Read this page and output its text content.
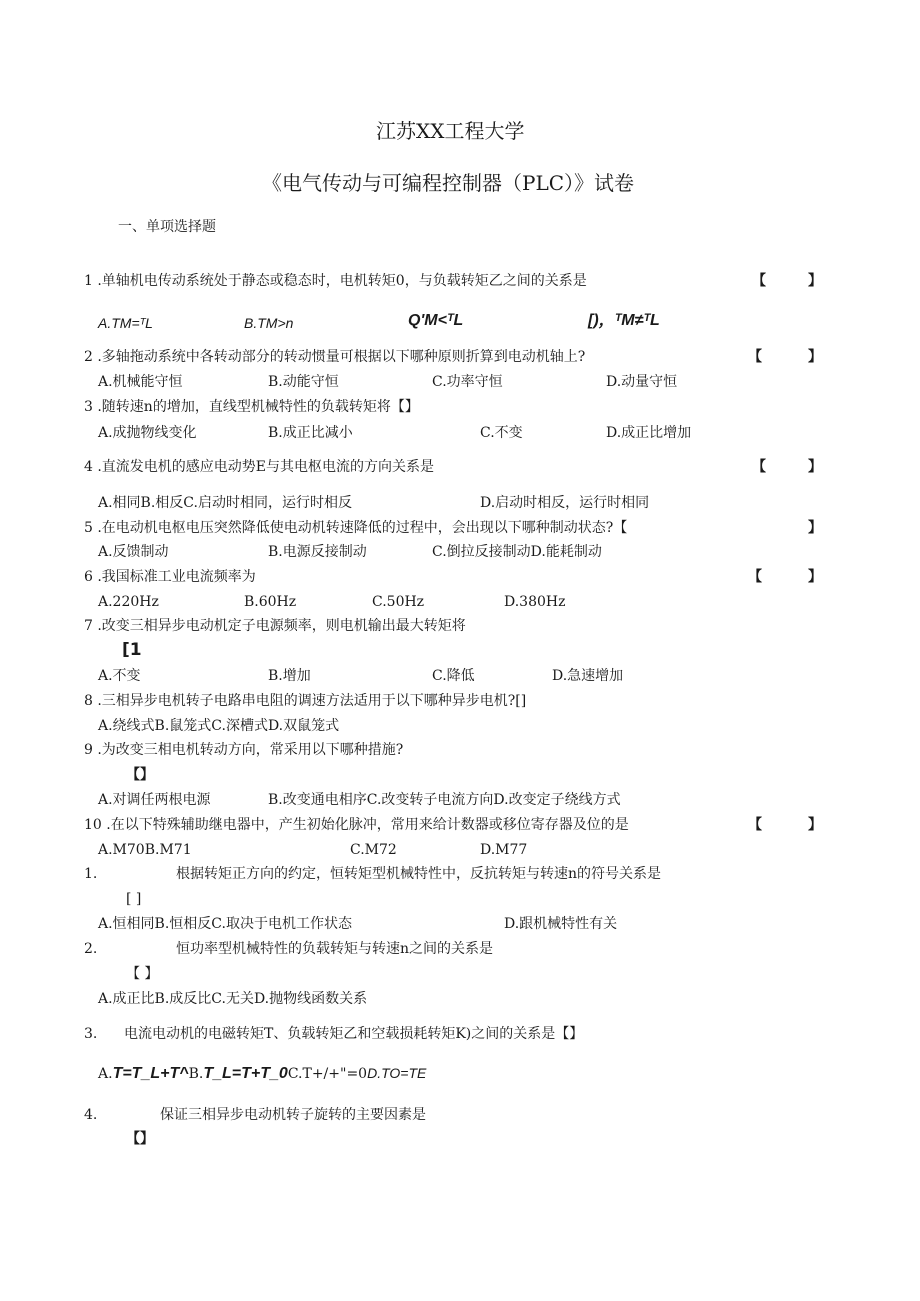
江苏XX工程大学
《电气传动与可编程控制器（PLC）》试卷
一、单项选择题
1 .单轴机电传动系统处于静态或稳态时，电机转矩0，与负载转矩乙之间的关系是	【	】
A.TM=ᵀL	B.TM>n	Q'M<ᵀL	[)，ᵀM≠ᵀL
2 .多轴拖动系统中各转动部分的转动惯量可根据以下哪种原则折算到电动机轴上?	【	】
A.机械能守恒	B.动能守恒	C.功率守恒	D.动量守恒
3 .随转速n的增加，直线型机械特性的负载转矩将【】
A.成抛物线变化	B.成正比减小	C.不变	D.成正比增加
4 .直流发电机的感应电动势E与其电枢电流的方向关系是	【	】
A.相同B.相反C.启动时相同，运行时相反	D.启动时相反，运行时相同
5 .在电动机电枢电压突然降低使电动机转速降低的过程中，会出现以下哪种制动状态?【	】
A.反馈制动	B.电源反接制动	C.倒拉反接制动D.能耗制动
6 .我国标准工业电流频率为	【	】
A.220Hz	B.60Hz	C.50Hz	D.380Hz
7 .改变三相异步电动机定子电源频率，则电机输出最大转矩将
[1
A.不变	B.增加	C.降低	D.急速增加
8 .三相异步电机转子电路串电阻的调速方法适用于以下哪种异步电机?[]
A.绕线式B.鼠笼式C.深槽式D.双鼠笼式
9 .为改变三相电机转动方向，常采用以下哪种措施?
【】
A.对调任两根电源	B.改变通电相序C.改变转子电流方向D.改变定子绕线方式
10 .在以下特殊辅助继电器中，产生初始化脉冲，常用来给计数器或移位寄存器及位的是	【	】
A.M70B.M71	C.M72	D.M77
1.	根据转矩正方向的约定，恒转矩型机械特性中，反抗转矩与转速n的符号关系是
[ ]
A.恒相同B.恒相反C.取决于电机工作状态	D.跟机械特性有关
2.	恒功率型机械特性的负载转矩与转速n之间的关系是
【 】
A.成正比B.成反比C.无关D.抛物线函数关系
3. 电流电动机的电磁转矩T、负载转矩乙和空载损耗转矩K)之间的关系是【】
A.T=T_L+T^B.T_L=T+T_0C.T+/+"=0D.TO=TE
4.	保证三相异步电动机转子旋转的主要因素是
【】
